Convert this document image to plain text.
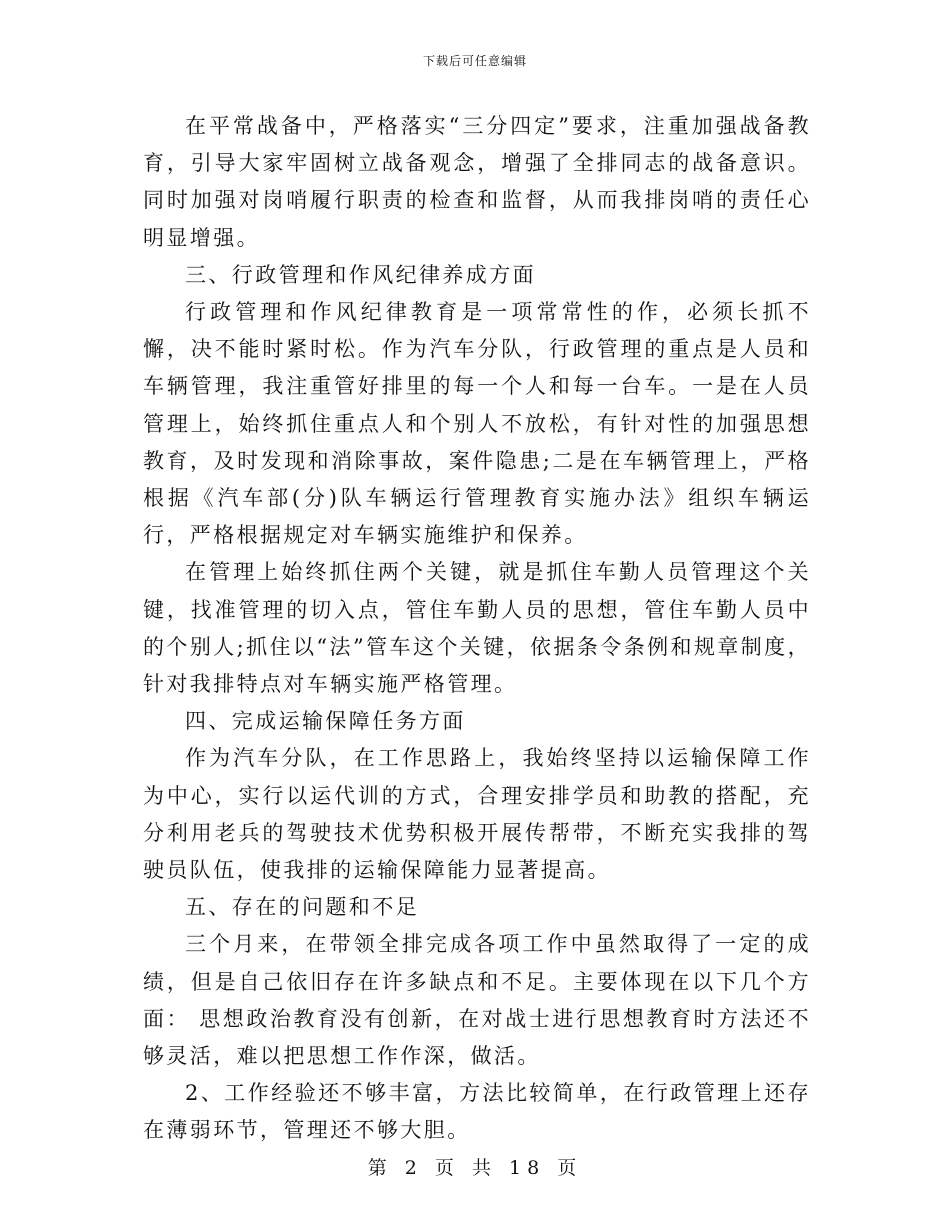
下载后可任意编辑

在平常战备中，严格落实“三分四定”要求，注重加强战备教育，引导大家牢固树立战备观念，增强了全排同志的战备意识。同时加强对岗哨履行职责的检查和监督，从而我排岗哨的责任心明显增强。

三、行政管理和作风纪律养成方面

行政管理和作风纪律教育是一项常常性的作，必须长抓不懈，决不能时紧时松。作为汽车分队，行政管理的重点是人员和车辆管理，我注重管好排里的每一个人和每一台车。一是在人员管理上，始终抓住重点人和个别人不放松，有针对性的加强思想教育，及时发现和消除事故，案件隐患;二是在车辆管理上，严格根据《汽车部(分)队车辆运行管理教育实施办法》组织车辆运行，严格根据规定对车辆实施维护和保养。

在管理上始终抓住两个关键，就是抓住车勤人员管理这个关键，找准管理的切入点，管住车勤人员的思想，管住车勤人员中的个别人;抓住以“法”管车这个关键，依据条令条例和规章制度，针对我排特点对车辆实施严格管理。

四、完成运输保障任务方面

作为汽车分队，在工作思路上，我始终坚持以运输保障工作为中心，实行以运代训的方式，合理安排学员和助教的搭配，充分利用老兵的驾驶技术优势积极开展传帮带，不断充实我排的驾驶员队伍，使我排的运输保障能力显著提高。

五、存在的问题和不足

三个月来，在带领全排完成各项工作中虽然取得了一定的成绩，但是自己依旧存在许多缺点和不足。主要体现在以下几个方面： 思想政治教育没有创新，在对战士进行思想教育时方法还不够灵活，难以把思想工作作深，做活。

2、工作经验还不够丰富，方法比较简单，在行政管理上还存在薄弱环节，管理还不够大胆。

第 2 页 共 18 页
